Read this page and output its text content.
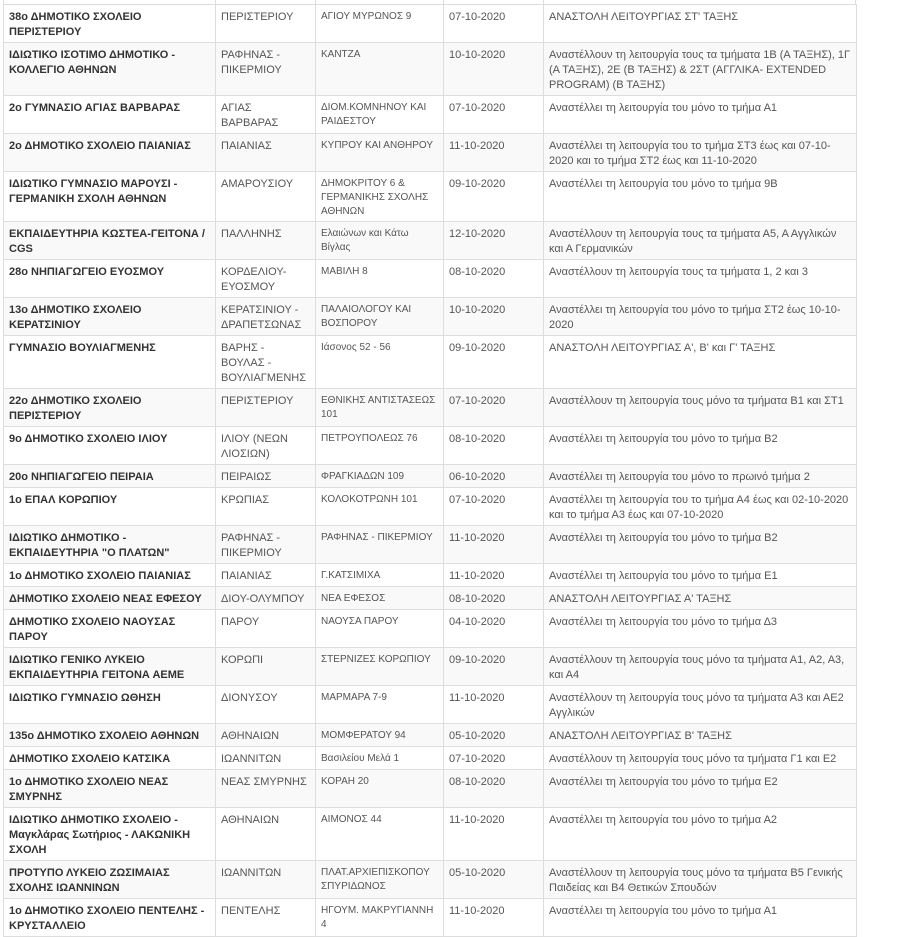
38ο ΔΗΜΟΤΙΚΟ ΣΧΟΛΕΙΟ ΠΕΡΙΣΤΕΡΙΟΥ	ΠΕΡΙΣΤΕΡΙΟΥ	ΑΓΙΟΥ ΜΥΡΩΝΟΣ 9	07-10-2020	ΑΝΑΣΤΟΛΗ ΛΕΙΤΟΥΡΓΙΑΣ ΣΤ' ΤΑΞΗΣ
ΙΔΙΩΤΙΚΟ ΙΣΟΤΙΜΟ ΔΗΜΟΤΙΚΟ - ΚΟΛΛΕΓΙΟ ΑΘΗΝΩΝ	ΡΑΦΗΝΑΣ - ΠΙΚΕΡΜΙΟΥ	ΚΑΝΤΖΑ	10-10-2020	Αναστέλλουν τη λειτουργία τους τα τμήματα 1Β (Α ΤΑΞΗΣ), 1Γ (Α ΤΑΞΗΣ), 2Ε (Β ΤΑΞΗΣ) & 2ΣΤ (ΑΓΓΛΙΚΑ- EXTENDED PROGRAM) (Β ΤΑΞΗΣ)
2ο ΓΥΜΝΑΣΙΟ ΑΓΙΑΣ ΒΑΡΒΑΡΑΣ	ΑΓΙΑΣ ΒΑΡΒΑΡΑΣ	ΔΙΟΜ.ΚΟΜΝΗΝΟΥ ΚΑΙ ΡΑΙΔΕΣΤΟΥ	07-10-2020	Αναστέλλει τη λειτουργία του μόνο το τμήμα Α1
2ο ΔΗΜΟΤΙΚΟ ΣΧΟΛΕΙΟ ΠΑΙΑΝΙΑΣ	ΠΑΙΑΝΙΑΣ	ΚΥΠΡΟΥ ΚΑΙ ΑΝΘΗΡΟΥ	11-10-2020	Αναστέλλει τη λειτουργία του το τμήμα ΣΤ3 έως και 07-10-2020 και το τμήμα ΣΤ2 έως και 11-10-2020
ΙΔΙΩΤΙΚΟ ΓΥΜΝΑΣΙΟ ΜΑΡΟΥΣΙ - ΓΕΡΜΑΝΙΚΗ ΣΧΟΛΗ ΑΘΗΝΩΝ	ΑΜΑΡΟΥΣΙΟΥ	ΔΗΜΟΚΡΙΤΟΥ 6 & ΓΕΡΜΑΝΙΚΗΣ ΣΧΟΛΗΣ ΑΘΗΝΩΝ	09-10-2020	Αναστέλλει τη λειτουργία του μόνο το τμήμα 9Β
ΕΚΠΑΙΔΕΥΤΗΡΙΑ ΚΩΣΤΕΑ-ΓΕΙΤΟΝΑ / CGS	ΠΑΛΛΗΝΗΣ	Ελαιώνων και Κάτω Βίγλας	12-10-2020	Αναστέλλουν τη λειτουργία τους τα τμήματα Α5, Α Αγγλικών και Α Γερμανικών
28ο ΝΗΠΙΑΓΩΓΕΙΟ ΕΥΟΣΜΟΥ	ΚΟΡΔΕΛΙΟΥ-ΕΥΟΣΜΟΥ	ΜΑΒΙΛΗ 8	08-10-2020	Αναστέλλουν τη λειτουργία τους τα τμήματα 1, 2 και 3
13ο ΔΗΜΟΤΙΚΟ ΣΧΟΛΕΙΟ ΚΕΡΑΤΣΙΝΙΟΥ	ΚΕΡΑΤΣΙΝΙΟΥ - ΔΡΑΠΕΤΣΩΝΑΣ	ΠΑΛΑΙΟΛΟΓΟΥ ΚΑΙ ΒΟΣΠΟΡΟΥ	10-10-2020	Αναστέλλει τη λειτουργία του μόνο το τμήμα ΣΤ2 έως 10-10-2020
ΓΥΜΝΑΣΙΟ ΒΟΥΛΙΑΓΜΕΝΗΣ	ΒΑΡΗΣ - ΒΟΥΛΑΣ - ΒΟΥΛΙΑΓΜΕΝΗΣ	Ιάσονος 52 - 56	09-10-2020	ΑΝΑΣΤΟΛΗ ΛΕΙΤΟΥΡΓΙΑΣ Α', Β' και Γ' ΤΑΞΗΣ
22ο ΔΗΜΟΤΙΚΟ ΣΧΟΛΕΙΟ ΠΕΡΙΣΤΕΡΙΟΥ	ΠΕΡΙΣΤΕΡΙΟΥ	ΕΘΝΙΚΗΣ ΑΝΤΙΣΤΑΣΕΩΣ 101	07-10-2020	Αναστέλλουν τη λειτουργία τους μόνο τα τμήματα Β1 και ΣΤ1
9ο ΔΗΜΟΤΙΚΟ ΣΧΟΛΕΙΟ ΙΛΙΟΥ	ΙΛΙΟΥ (ΝΕΩΝ ΛΙΟΣΙΩΝ)	ΠΕΤΡΟΥΠΟΛΕΩΣ 76	08-10-2020	Αναστέλλει τη λειτουργία του μόνο το τμήμα Β2
20ο ΝΗΠΙΑΓΩΓΕΙΟ ΠΕΙΡΑΙΑ	ΠΕΙΡΑΙΩΣ	ΦΡΑΓΚΙΑΔΩΝ 109	06-10-2020	Αναστέλλει τη λειτουργία του μόνο το πρωινό τμήμα 2
1ο ΕΠΑΛ ΚΟΡΩΠΙΟΥ	ΚΡΩΠΙΑΣ	ΚΟΛΟΚΟΤΡΩΝΗ 101	07-10-2020	Αναστέλλει τη λειτουργία του το τμήμα Α4 έως και 02-10-2020 και το τμήμα Α3 έως και 07-10-2020
ΙΔΙΩΤΙΚΟ ΔΗΜΟΤΙΚΟ - ΕΚΠΑΙΔΕΥΤΗΡΙΑ "Ο ΠΛΑΤΩΝ"	ΡΑΦΗΝΑΣ - ΠΙΚΕΡΜΙΟΥ	ΡΑΦΗΝΑΣ - ΠΙΚΕΡΜΙΟΥ	11-10-2020	Αναστέλλει τη λειτουργία του μόνο το τμήμα Β2
1ο ΔΗΜΟΤΙΚΟ ΣΧΟΛΕΙΟ ΠΑΙΑΝΙΑΣ	ΠΑΙΑΝΙΑΣ	Γ.ΚΑΤΣΙΜΙΧΑ	11-10-2020	Αναστέλλει τη λειτουργία του μόνο το τμήμα Ε1
ΔΗΜΟΤΙΚΟ ΣΧΟΛΕΙΟ ΝΕΑΣ ΕΦΕΣΟΥ	ΔΙΟΥ-ΟΛΥΜΠΟΥ	ΝΕΑ ΕΦΕΣΟΣ	08-10-2020	ΑΝΑΣΤΟΛΗ ΛΕΙΤΟΥΡΓΙΑΣ Α' ΤΑΞΗΣ
ΔΗΜΟΤΙΚΟ ΣΧΟΛΕΙΟ ΝΑΟΥΣΑΣ ΠΑΡΟΥ	ΠΑΡΟΥ	ΝΑΟΥΣΑ ΠΑΡΟΥ	04-10-2020	Αναστέλλει τη λειτουργία του μόνο το τμήμα Δ3
ΙΔΙΩΤΙΚΟ ΓΕΝΙΚΟ ΛΥΚΕΙΟ ΕΚΠΑΙΔΕΥΤΗΡΙΑ ΓΕΙΤΟΝΑ ΑΕΜΕ	ΚΟΡΩΠΙ	ΣΤΕΡΝΙΖΕΣ ΚΟΡΩΠΙΟΥ	09-10-2020	Αναστέλλουν τη λειτουργία τους μόνο τα τμήματα Α1, Α2, Α3, και Α4
ΙΔΙΩΤΙΚΟ ΓΥΜΝΑΣΙΟ ΩΘΗΣΗ	ΔΙΟΝΥΣΟΥ	ΜΑΡΜΑΡΑ 7-9	11-10-2020	Αναστέλλουν τη λειτουργία τους μόνο τα τμήματα Α3 και ΑΕ2 Αγγλικών
135ο ΔΗΜΟΤΙΚΟ ΣΧΟΛΕΙΟ ΑΘΗΝΩΝ	ΑΘΗΝΑΙΩΝ	ΜΟΜΦΕΡΑΤΟΥ 94	05-10-2020	ΑΝΑΣΤΟΛΗ ΛΕΙΤΟΥΡΓΙΑΣ Β' ΤΑΞΗΣ
ΔΗΜΟΤΙΚΟ ΣΧΟΛΕΙΟ ΚΑΤΣΙΚΑ	ΙΩΑΝΝΙΤΩΝ	Βασιλείου Μελά 1	07-10-2020	Αναστέλλουν τη λειτουργία τους μόνο τα τμήματα Γ1 και Ε2
1ο ΔΗΜΟΤΙΚΟ ΣΧΟΛΕΙΟ ΝΕΑΣ ΣΜΥΡΝΗΣ	ΝΕΑΣ ΣΜΥΡΝΗΣ	ΚΟΡΑΗ 20	08-10-2020	Αναστέλλει τη λειτουργία του μόνο το τμήμα Ε2
ΙΔΙΩΤΙΚΟ ΔΗΜΟΤΙΚΟ ΣΧΟΛΕΙΟ - Μαγκλάρας Σωτήριος - ΛΑΚΩΝΙΚΗ ΣΧΟΛΗ	ΑΘΗΝΑΙΩΝ	ΑΙΜΟΝΟΣ 44	11-10-2020	Αναστέλλει τη λειτουργία του μόνο το τμήμα Α2
ΠΡΟΤΥΠΟ ΛΥΚΕΙΟ ΖΩΣΙΜΑΙΑΣ ΣΧΟΛΗΣ ΙΩΑΝΝΙΝΩΝ	ΙΩΑΝΝΙΤΩΝ	ΠΛΑΤ.ΑΡΧΙΕΠΙΣΚΟΠΟΥ ΣΠΥΡΙΔΩΝΟΣ	05-10-2020	Αναστέλλουν τη λειτουργία τους μόνο τα τμήματα Β5 Γενικής Παιδείας και Β4 Θετικών Σπουδών
1ο ΔΗΜΟΤΙΚΟ ΣΧΟΛΕΙΟ ΠΕΝΤΕΛΗΣ - ΚΡΥΣΤΑΛΛΕΙΟ	ΠΕΝΤΕΛΗΣ	ΗΓΟΥΜ. ΜΑΚΡΥΓΙΑΝΝΗ 4	11-10-2020	Αναστέλλει τη λειτουργία του μόνο το τμήμα Α1
